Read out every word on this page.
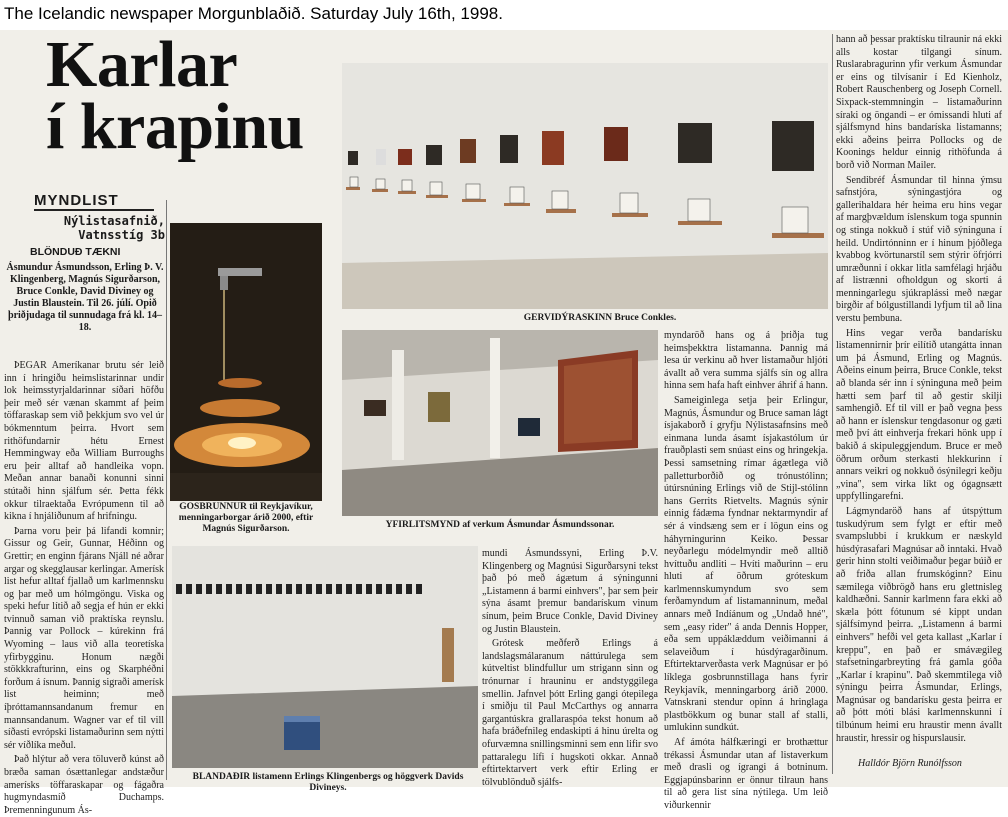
The Icelandic newspaper Morgunblaðið. Saturday July 16th, 1998.
Karlar
í krapinu
MYNDLIST
Nýlistasafnið,
Vatnsstíg 3b
BLÖNDUÐ TÆKNI
Ásmundur Ásmundsson, Erling Þ. V. Klingenberg, Magnús Sigurðarson, Bruce Conkle, David Diviney og Justin Blaustein. Til 26. júlí. Opið þriðjudaga til sunnudaga frá kl. 14–18.

ÞEGAR Ameríkanar brutu sér leið inn í hringiðu heimslistarinnar undir lok heimsstyrjaldarinnar síðari höfðu þeir með sér vænan skammt af þeim töffaraskap sem við þekkjum svo vel úr bókmenntum þeirra. Hvort sem rithöfundarnir hétu Ernest Hemmingway eða William Burroughs eru þeir alltaf að handleika vopn. Meðan annar banaði konunni sinni stútaði hinn sjálfum sér. Þetta fékk okkur tilraektaða Evrópumenn til að kikna í hnjáliðunum af hrifningu.

Þarna voru þeir þá lifandi komnir; Gissur og Geir, Gunnar, Héðinn og Grettir; en enginn fjárans Njáll né aðrar argar og skegglausar kerlingar. Amerísk list hefur alltaf fjallað um karlmennsku og þar með um hólmgöngu. Viska og speki hefur lítið að segja ef hún er ekki tvinnuð saman við praktíska reynslu. Þannig var Pollock – kúrekinn frá Wyoming – laus við alla teoretíska yfirbygginu. Honum nægði stökkkrafturinn, eins og Skarphéðni forðum á ísnum. Þannig sigraði amerísk list heiminn; með íþróttamannsandanum fremur en mannsandanum. Wagner var ef til vill síðasti evrópski listamaðurinn sem nýtti sér víðlíka meðul.

Það hlýtur að vera töluverð kúnst að bræða saman ósættanlegar andstæður amerísks töffaraskapar og fágaðra hugmyndasmíð Duchamps. Þremenningunum Ás-

GOSBRUNNUR til Reykjavíkur, menningarborgar árið 2000, eftir Magnús Sigurðarson.
GERVIDÝRASKINN Bruce Conkles.
YFIRLITSMYND af verkum Ásmundar Ásmundssonar.
BLANDAÐIR listamenn Erlings Klingenbergs og höggverk Davids Divineys.

mundi Ásmundssyni, Erling Þ.V. Klingenberg og Magnúsi Sigurðarsyni tekst það þó með ágætum á sýningunni „Listamenn á barmi einhvers", þar sem þeir sýna ásamt þremur bandarískum vinum sínum, þeim Bruce Conkle, David Diviney og Justin Blaustein.

Grótesk meðferð Erlings á landslagsmálaranum náttúrulega sem kútveltist blindfullur um strigann sinn og trónurnar í hrauninu er andstyggilega smellin. Jafnvel þótt Erling gangi ótepilega í smiðju til Paul McCarthys og annarra gargantúskra grallaraspóa tekst honum að hafa bráðefnileg endaskipti á hinu úrelta og ofurvæmna snillingsminni sem enn lifir svo pattaralegu lífi í hugskoti okkar. Annað eftirtektarvert verk eftir Erling er tölvublönduð sjálfs-

myndaröð hans og á þriðja tug heimsþekktra listamanna. Þannig má lesa úr verkinu að hver listamaður hljóti ávallt að vera summa sjálfs sín og allra hinna sem hafa haft einhver áhrif á hann.

Sameiginlega setja þeir Erlingur, Magnús, Ásmundur og Bruce saman lágt ísjakaborð í gryfju Nýlistasafnsins með einmana lunda ásamt ísjakastólum úr frauðplasti sem snúast eins og hringekja. Þessi samsetning rímar ágætlega við palletturborðið og trónustólinn; útúrsnúning Erlings við de Stijl-stólinn hans Gerrits Rietvelts. Magnús sýnir einnig fádæma fyndnar nektarmyndir af sér á vindsæng sem er í lögun eins og háhyrningurinn Keiko. Þessar neyðarlegu módelmyndir með alltið hvíttuðu andliti – Hvíti maðurinn – eru hluti af öðrum gróteskum karlmennskumyndum svo sem ferðamyndum af listamanninum, meðal annars með Indíánum og „Undað hné", sem „easy rider" á anda Dennis Hopper, eða sem uppáklæddum veiðimanni á selaveiðum í húsdýragarðinum. Eftirtektarverðasta verk Magnúsar er þó líklega gosbrunnstillaga hans fyrir Reykjavík, menningarborg árið 2000. Vatnskrani stendur opinn á hringlaga plastbökkum og bunar stall af stalli, umlukinn sundkút.

Af ámóta hálfkæringi er brothættur trékassi Ásmundar utan af listaverkum með drasli og ígrangi á botninum. Eggjapúnsbarinn er önnur tilraun hans til að gera list sína nýtilega. Um leið viðurkennir

hann að þessar praktísku tilraunir ná ekki alls kostar tilgangi sínum. Ruslarabragurinn yfir verkum Ásmundar er eins og tilvísanir í Ed Kienholz, Robert Rauschenberg og Joseph Cornell. Sixpack-stemmningin – listamaðurinn síraki og öngandi – er ómissandi hluti af sjálfsmynd hins bandaríska listamanns; ekki aðeins þeirra Pollocks og de Koonings heldur einnig rithöfunda á borð við Norman Mailer.

Sendibréf Ásmundar til hinna ýmsu safnstjóra, sýningastjóra og gallerihaldara hér heima eru hins vegar af margþvældum íslenskum toga spunnin og stinga nokkuð í stúf við sýninguna í heild. Undirtónninn er í hinum þjóðlega kvabbog kvörtunarstíl sem stýrir öfrjórri umræðunni í okkar litla samfélagi hrjáðu af listrænni ofholdgun og skorti á menningarlegu sjúkraplássi með nægar birgðir af bólgustillandi lyfjum til að lina verstu þembuna.

Hins vegar verða bandarísku listamennirnir þrír eilítið utangátta innan um þá Ásmund, Erling og Magnús. Aðeins einum þeirra, Bruce Conkle, tekst að blanda sér inn í sýninguna með þeim hætti sem þarf til að gestir skilji samhengið. Ef til vill er það vegna þess að hann er íslenskur tengdasonur og gæti með því átt einhverja frekari hönk upp í bakið á skipuleggjendum. Bruce er með öðrum orðum sterkasti hlekkurinn í annars veikri og nokkuð ósýnilegri keðju „vina", sem virka líkt og ógagnsætt uppfyllingarefni.

Lágmyndaröð hans af útspýttum tuskudýrum sem fylgt er eftir með svampslubbi í krukkum er næskyld húsdýrasafari Magnúsar að inntaki. Hvað gerir hinn stolti veiðimaður þegar búið er að friða allan frumskóginn? Einu sæmilega viðbrögð hans eru glettnisleg kaldhæðni. Sannir karlmenn fara ekki að skæla þótt fótunum sé kippt undan sjálfsímynd þeirra. „Listamenn á barmi einhvers" hefði vel geta kallast „Karlar í kreppu", en það er smávægileg stafsetningarbreyting frá gamla góða „Karlar í krapinu". Það skemmtilega við sýningu þeirra Ásmundar, Erlings, Magnúsar og bandarísku gesta þeirra er að þótt móti blási karlmennskunni í tilbúnum heimi eru hraustir menn ávallt hraustir, hressir og hispurslausir.

Halldór Björn Runólfsson
